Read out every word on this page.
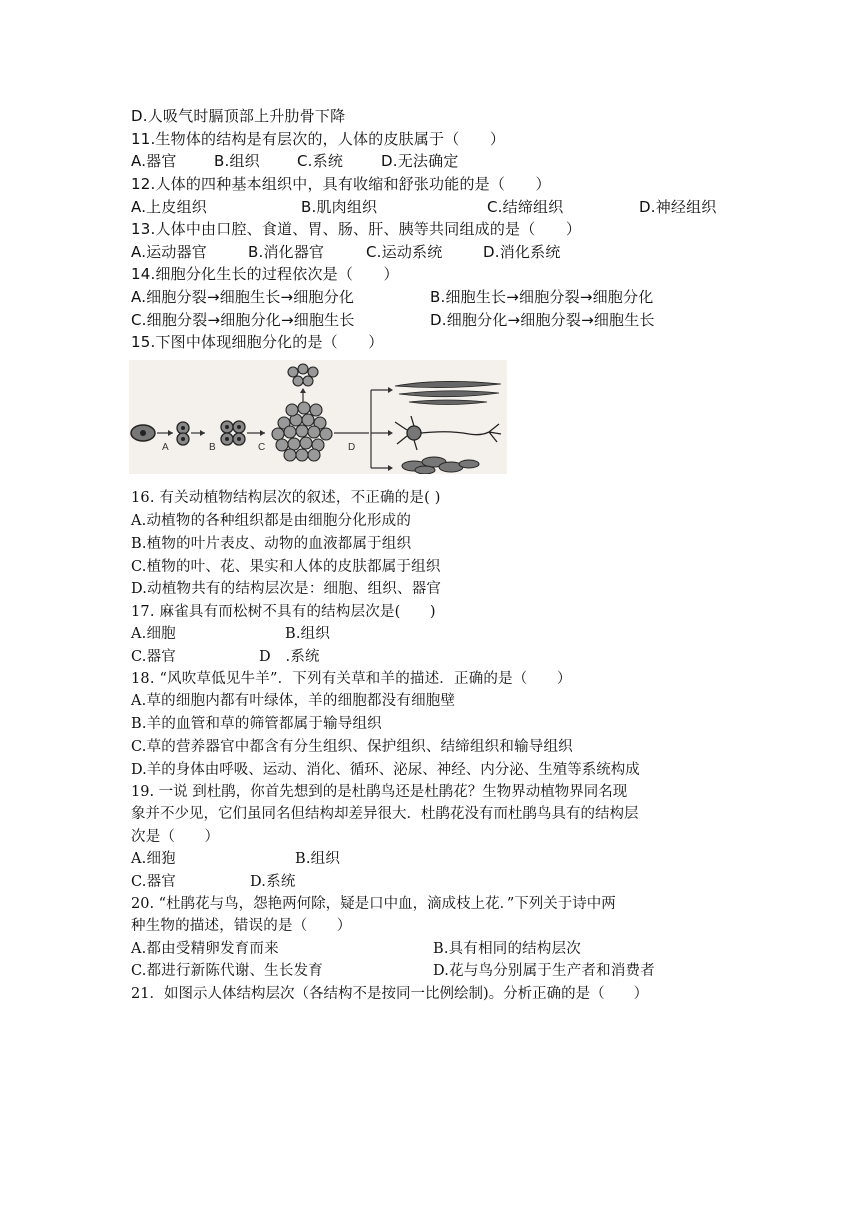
D.人吸气时膈顶部上升肋骨下降
11.生物体的结构是有层次的，人体的皮肤属于（　　）
A.器官 B.组织 C.系统	D.无法确定
12.人体的四种基本组织中，具有收缩和舒张功能的是（　　）
A.上皮组织	B.肌肉组织	C.结缔组织	D.神经组织
13.人体中由口腔、食道、胃、肠、肝、胰等共同组成的是（　　）
A.运动器官	B.消化器官	C.运动系统	D.消化系统
14.细胞分化生长的过程依次是（　　）
A.细胞分裂→细胞生长→细胞分化	B.细胞生长→细胞分裂→细胞分化
C.细胞分裂→细胞分化→细胞生长	D.细胞分化→细胞分裂→细胞生长
15.下图中体现细胞分化的是（　　）
A	B	C	D
16. 有关动植物结构层次的叙述，不正确的是( )
A.动植物的各种组织都是由细胞分化形成的
B.植物的叶片表皮、动物的血液都属于组织
C.植物的叶、花、果实和人体的皮肤都属于组织
D.动植物共有的结构层次是：细胞、组织、器官
17. 麻雀具有而松树不具有的结构层次是(　　)
A.细胞	B.组织
C.器官	D　.系统
18. “风吹草低见牛羊”．下列有关草和羊的描述．正确的是（　　）
A.草的细胞内都有叶绿体，羊的细胞都没有细胞壁
B.羊的血管和草的筛管都属于输导组织
C.草的营养器官中都含有分生组织、保护组织、结缔组织和输导组织
D.羊的身体由呼吸、运动、消化、循环、泌尿、神经、内分泌、生殖等系统构成
19. 一说 到杜鹃，你首先想到的是杜鹃鸟还是杜鹃花？生物界动植物界同名现
象并不少见，它们虽同名但结构却差异很大．杜鹃花没有而杜鹃鸟具有的结构层
次是（　　）
A.细狍	B.组织
C.器官	D.系统
20. “杜鹃花与鸟，怨艳两何除，疑是口中血，滴成枝上花．”下列关于诗中两
种生物的描述，错误的是（　　）
A.都由受精卵发育而来	B.具有相同的结构层次
C.都进行新陈代谢、生长发育	D.花与鸟分别属于生产者和消费者
21．如图示人体结构层次（各结构不是按同一比例绘制)。分析正确的是（　　）
